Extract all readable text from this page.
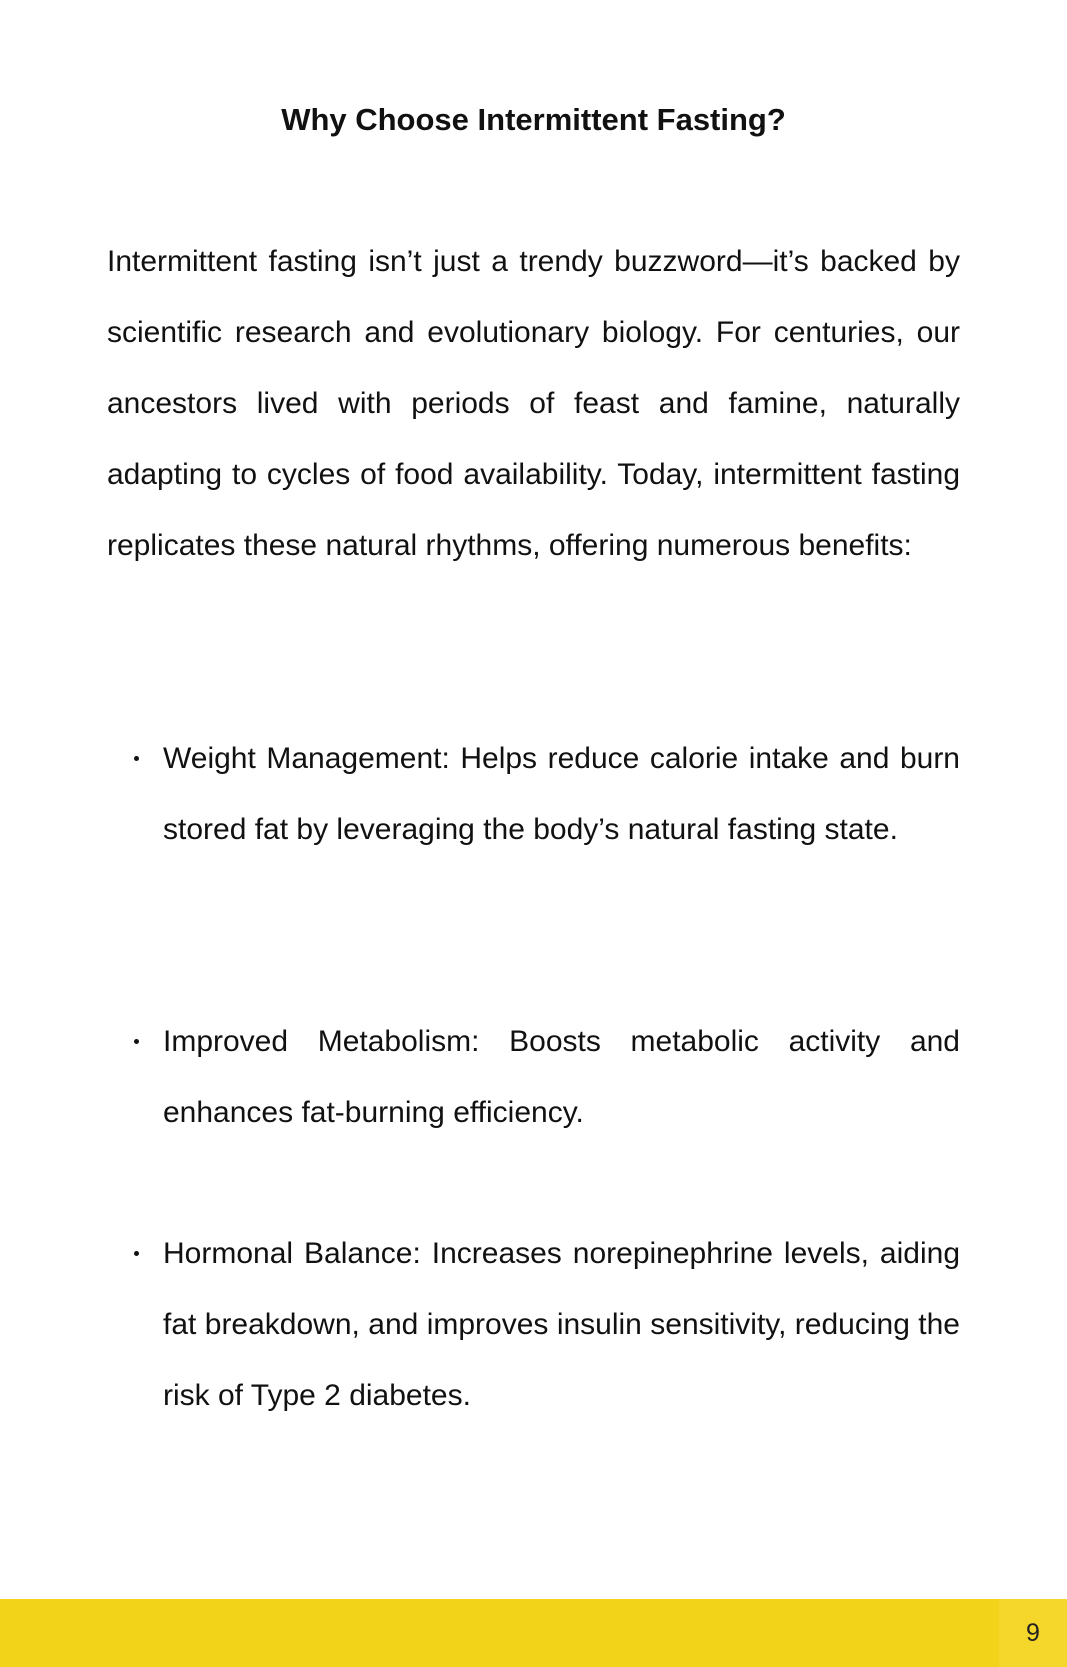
Why Choose Intermittent Fasting?

Intermittent fasting isn’t just a trendy buzzword—it’s backed by scientific research and evolutionary biology. For centuries, our ancestors lived with periods of feast and famine, naturally adapting to cycles of food availability. Today, intermittent fasting replicates these natural rhythms, offering numerous benefits:

Weight Management: Helps reduce calorie intake and burn stored fat by leveraging the body’s natural fasting state.
Improved Metabolism: Boosts metabolic activity and enhances fat-burning efficiency.
Hormonal Balance: Increases norepinephrine levels, aiding fat breakdown, and improves insulin sensitivity, reducing the risk of Type 2 diabetes.
9
